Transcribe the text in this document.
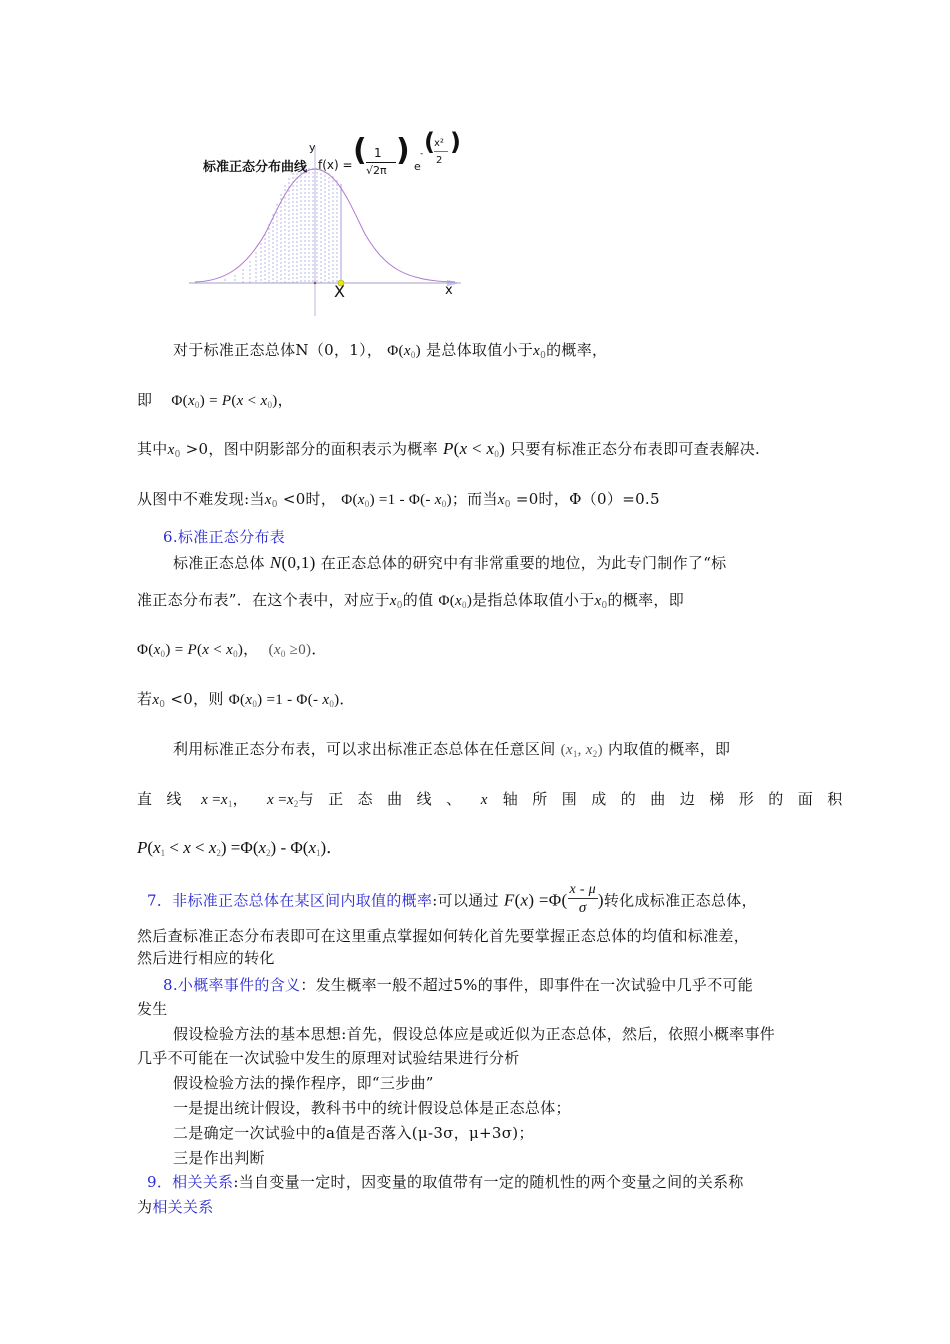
标准正态分布曲线
y
f(x) = ( 1
√2π
) e
- ( x²
2
)
X	x
对于标准正态总体N（0，1）， $\Phi(x_0)$ 是总体取值小于$x_0$的概率，
即 $\Phi(x_0) = P(x < x_0)$，
其中$x_0 >0$，图中阴影部分的面积表示为概率 $P(x < x_0)$ 只要有标准正态分布表即可查表解决.
从图中不难发现:当$x_0 <0$时， $\Phi(x_0) =1 - \Phi(-$ $x_0$)；而当$x_0 =0$时，Φ（0）=0.5
6.标准正态分布表
标准正态总体 N(0,1) 在正态总体的研究中有非常重要的地位，为此专门制作了“标
准正态分布表”．在这个表中，对应于$x_0$的值 $\Phi(x_0)$是指总体取值小于$x_0$的概率，即
$\Phi(x_0) = P(x < x_0)$， $(x_0 \ge 0)$．
若$x_0 <0$，则 $\Phi(x_0) =1 - \Phi(-$ $x_0$)．
利用标准正态分布表，可以求出标准正态总体在任意区间 ($x_1$, $x_2$) 内取值的概率，即
直线 $x =x_1$， $x =x_2$与正态曲线、 x 轴所围成的曲边梯形的面积
$P(x_1 < x < x_2) =\Phi(x_2) - \Phi(x_1)$．
7．非标准正态总体在某区间内取值的概率:可以通过 $F(x) =\Phi( \frac{x - \mu}{\sigma}$ )转化成标准正态总体，
然后查标准正态分布表即可在这里重点掌握如何转化首先要掌握正态总体的均值和标准差，
然后进行相应的转化
8.小概率事件的含义：发生概率一般不超过5%的事件，即事件在一次试验中几乎不可能
发生
假设检验方法的基本思想:首先，假设总体应是或近似为正态总体，然后，依照小概率事件
几乎不可能在一次试验中发生的原理对试验结果进行分析
假设检验方法的操作程序，即“三步曲”
一是提出统计假设，教科书中的统计假设总体是正态总体；
二是确定一次试验中的a值是否落入(μ-3σ，μ+3σ)；
三是作出判断
9．相关关系:当自变量一定时，因变量的取值带有一定的随机性的两个变量之间的关系称
为相关关系
